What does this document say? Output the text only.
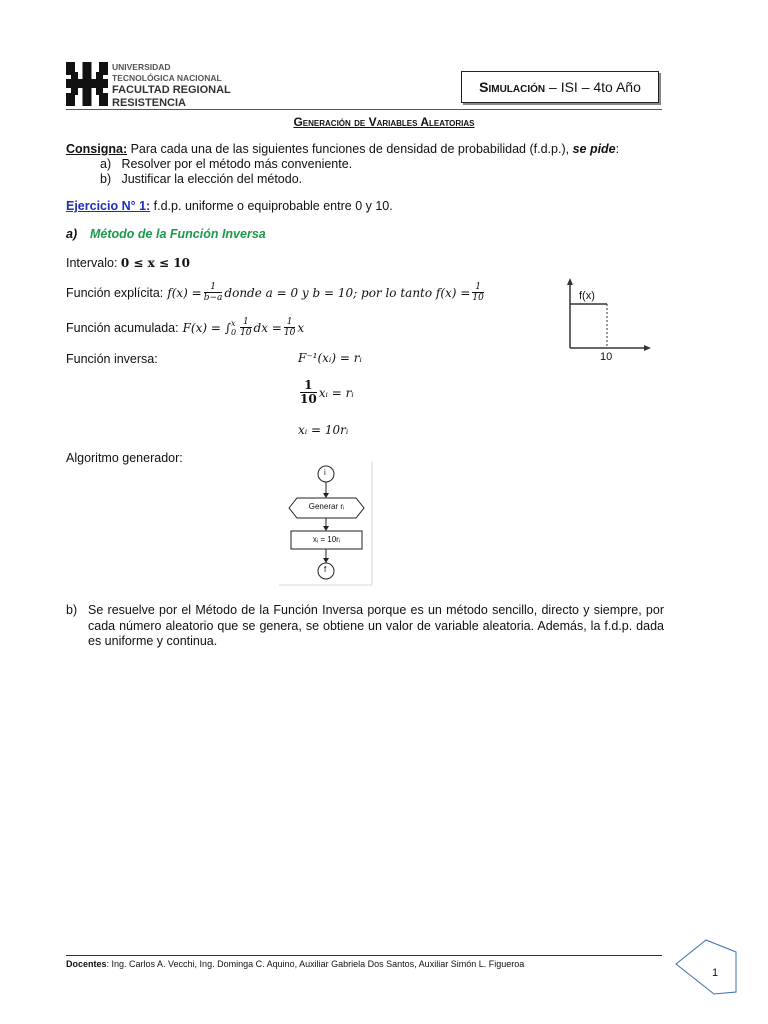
UNIVERSIDAD
TECNOLÓGICA NACIONAL
FACULTAD REGIONAL
RESISTENCIA
Simulación – ISI – 4to Año
Generación de Variables Aleatorias
Consigna: Para cada una de las siguientes funciones de densidad de probabilidad (f.d.p.), se pide:
a) Resolver por el método más conveniente.
b) Justificar la elección del método.
Ejercicio N° 1: f.d.p. uniforme o equiprobable entre 0 y 10.
a) Método de la Función Inversa
Intervalo: 0 ≤ x ≤ 10
Función explícita: $f(x) = \frac{1}{b-a}$ donde a = 0 y b = 10; por lo tanto $f(x) = \frac{1}{10}$
Función acumulada: F(x) = ∫ x
$0 \frac{1}{10}$ dx = $\frac{1}{10}$ x
Función inversa:	F⁻¹(xᵢ) = rᵢ
$\frac{1}{10}$ xᵢ = rᵢ
xᵢ = 10rᵢ
f(x)
10
Algoritmo generador:
i
Generar rᵢ
xᵢ = 10rᵢ
f
b) Se resuelve por el Método de la Función Inversa porque es un método sencillo, directo y siempre, por cada número aleatorio que se genera, se obtiene un valor de variable aleatoria. Además, la f.d.p. dada es uniforme y continua.
Docentes: Ing. Carlos A. Vecchi, Ing. Dominga C. Aquino, Auxiliar Gabriela Dos Santos, Auxiliar Simón L. Figueroa
1
